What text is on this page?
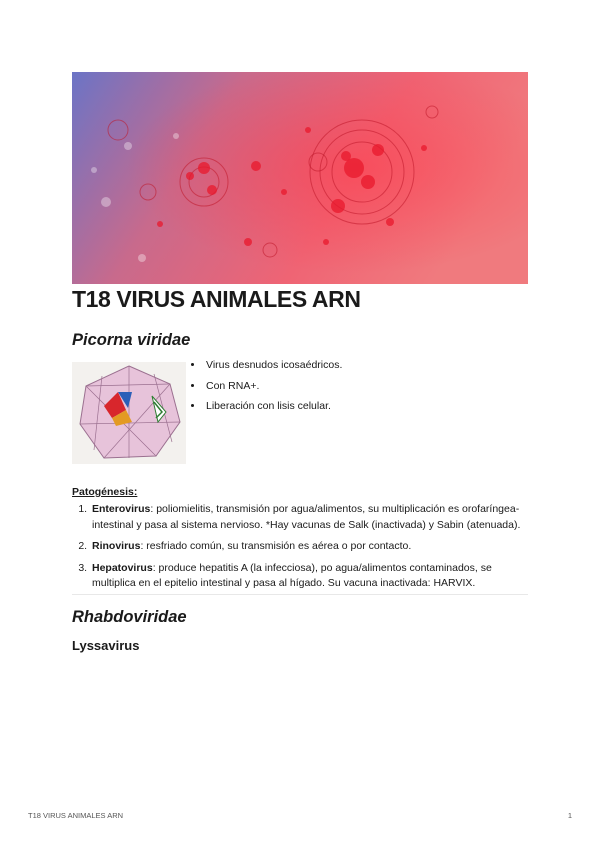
T18 VIRUS ANIMALES ARN
Picorna viridae
• Virus desnudos icosaédricos.
• Con RNA+.
• Liberación con lisis celular.

Patogénesis:

1. Enterovirus: poliomielitis, transmisión por agua/alimentos, su multiplicación es orofaríngea-intestinal y pasa al sistema nervioso. *Hay vacunas de Salk (inactivada) y Sabin (atenuada).
2. Rinovirus: resfriado común, su transmisión es aérea o por contacto.
3. Hepatovirus: produce hepatitis A (la infecciosa), po agua/alimentos contaminados, se multiplica en el epitelio intestinal y pasa al hígado. Su vacuna inactivada: HARVIX.
Rhabdoviridae
Lyssavirus
T18 VIRUS ANIMALES ARN	1
